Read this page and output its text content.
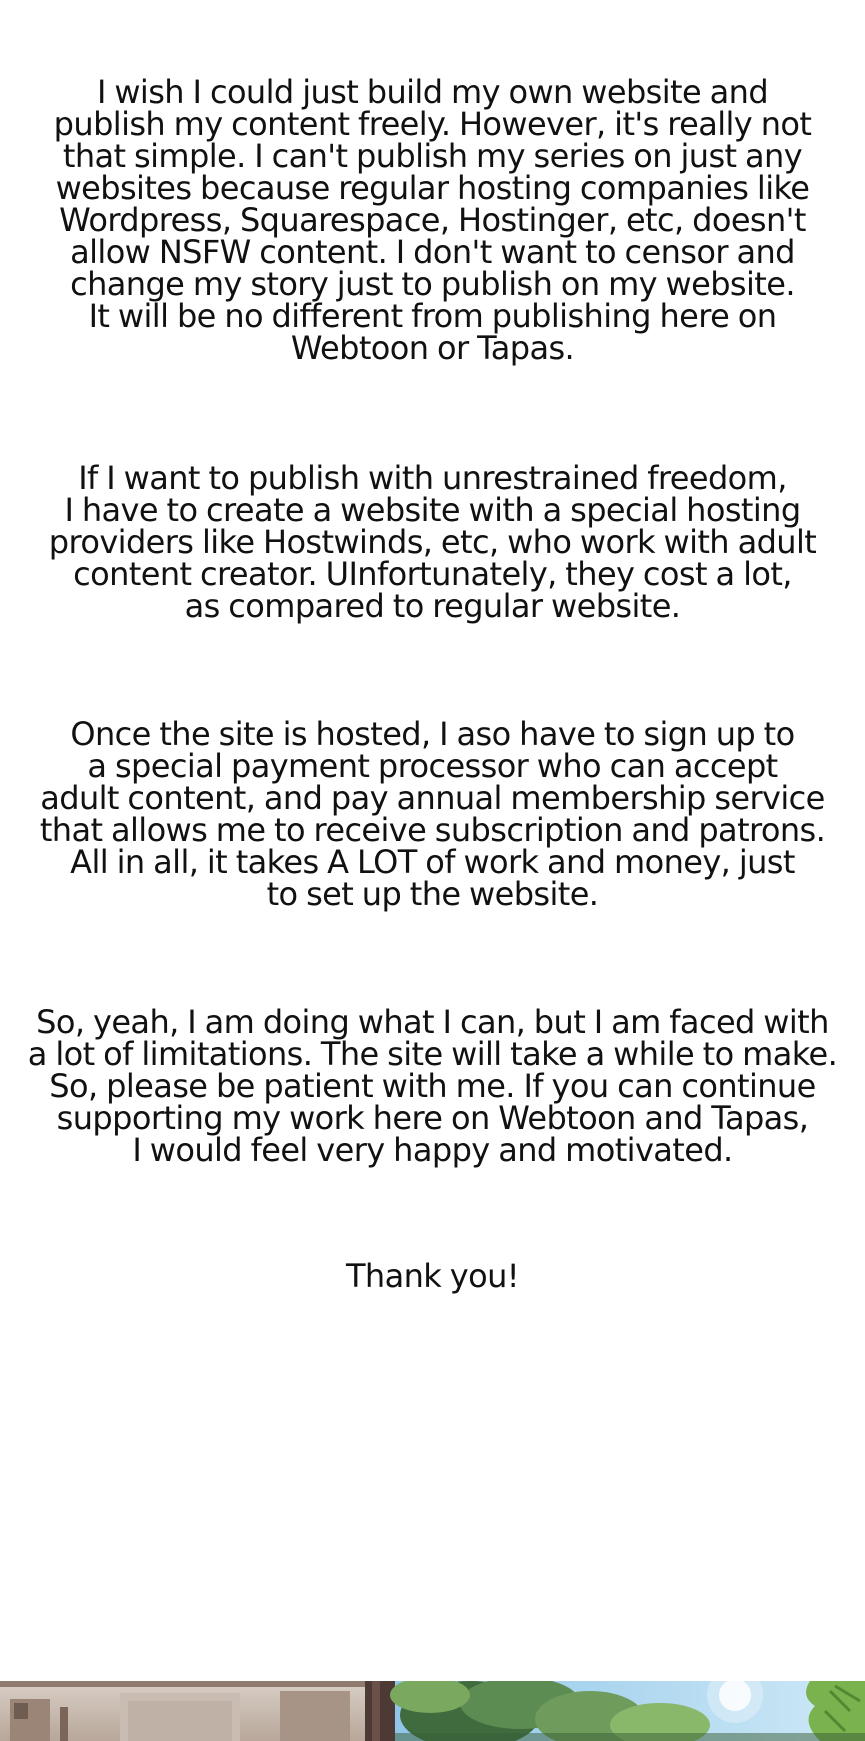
I wish I could just build my own website and
publish my content freely. However, it's really not
that simple. I can't publish my series on just any
websites because regular hosting companies like
Wordpress, Squarespace, Hostinger, etc, doesn't
allow NSFW content. I don't want to censor and
change my story just to publish on my website.
It will be no different from publishing here on
Webtoon or Tapas.
If I want to publish with unrestrained freedom,
I have to create a website with a special hosting
providers like Hostwinds, etc, who work with adult
content creator. UInfortunately, they cost a lot,
as compared to regular website.
Once the site is hosted, I aso have to sign up to
a special payment processor who can accept
adult content, and pay annual membership service
that allows me to receive subscription and patrons.
All in all, it takes A LOT of work and money, just
to set up the website.
So, yeah, I am doing what I can, but I am faced with
a lot of limitations. The site will take a while to make.
So, please be patient with me. If you can continue
supporting my work here on Webtoon and Tapas,
I would feel very happy and motivated.
Thank you!
